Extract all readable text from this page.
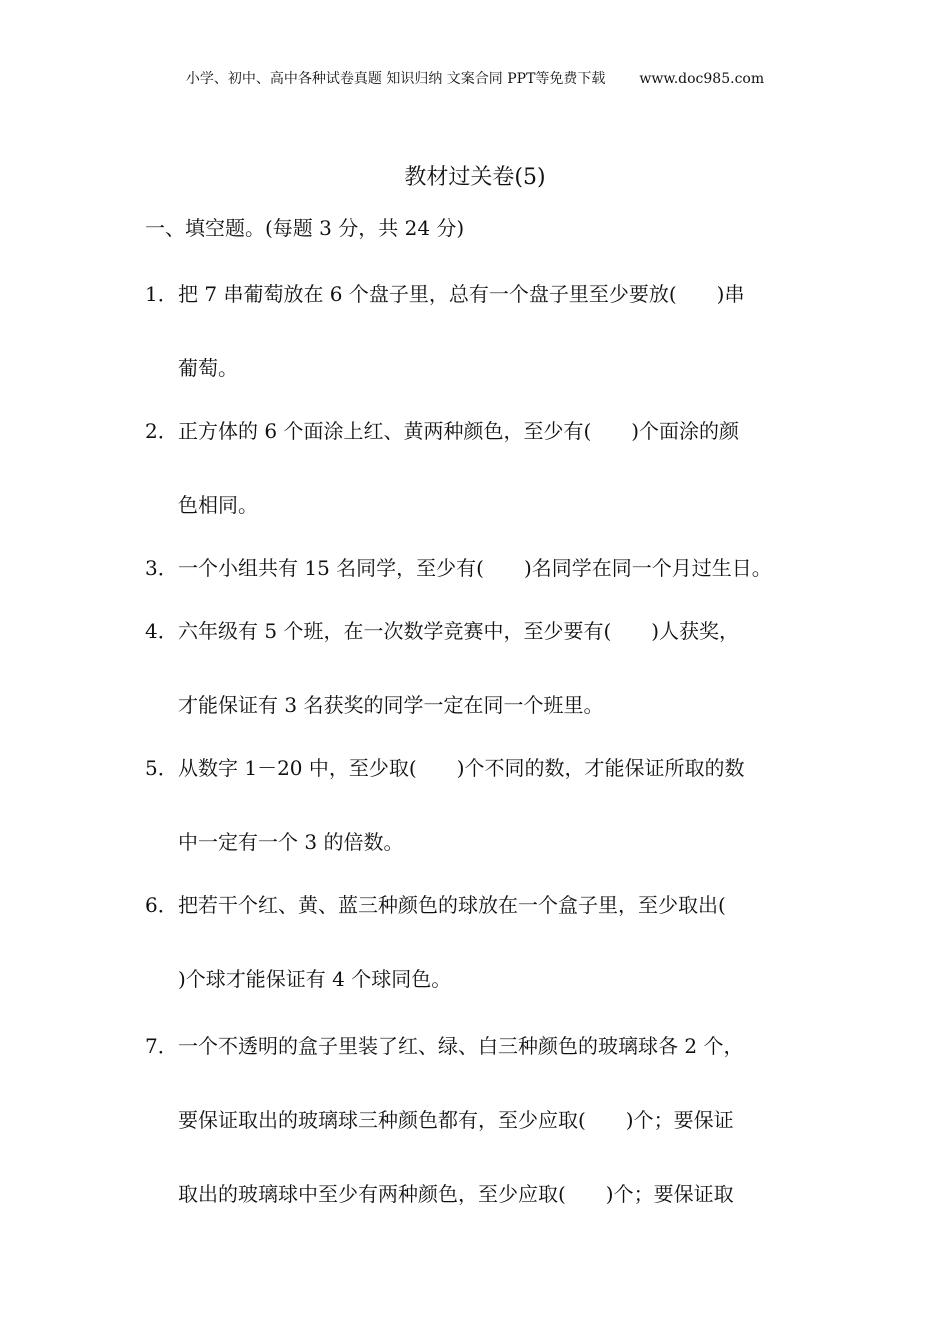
小学、初中、高中各种试卷真题 知识归纳 文案合同 PPT等免费下载 www.doc985.com
教材过关卷(5)
一、填空题。(每题 3 分，共 24 分)
1．把 7 串葡萄放在 6 个盘子里，总有一个盘子里至少要放(　　)串
葡萄。
2．正方体的 6 个面涂上红、黄两种颜色，至少有(　　)个面涂的颜
色相同。
3．一个小组共有 15 名同学，至少有(　　)名同学在同一个月过生日。
4．六年级有 5 个班，在一次数学竞赛中，至少要有(　　)人获奖，
才能保证有 3 名获奖的同学一定在同一个班里。
5．从数字 1－20 中，至少取(　　)个不同的数，才能保证所取的数
中一定有一个 3 的倍数。
6．把若干个红、黄、蓝三种颜色的球放在一个盒子里，至少取出(
)个球才能保证有 4 个球同色。
7．一个不透明的盒子里装了红、绿、白三种颜色的玻璃球各 2 个，
要保证取出的玻璃球三种颜色都有，至少应取(　　)个；要保证
取出的玻璃球中至少有两种颜色，至少应取(　　)个；要保证取
